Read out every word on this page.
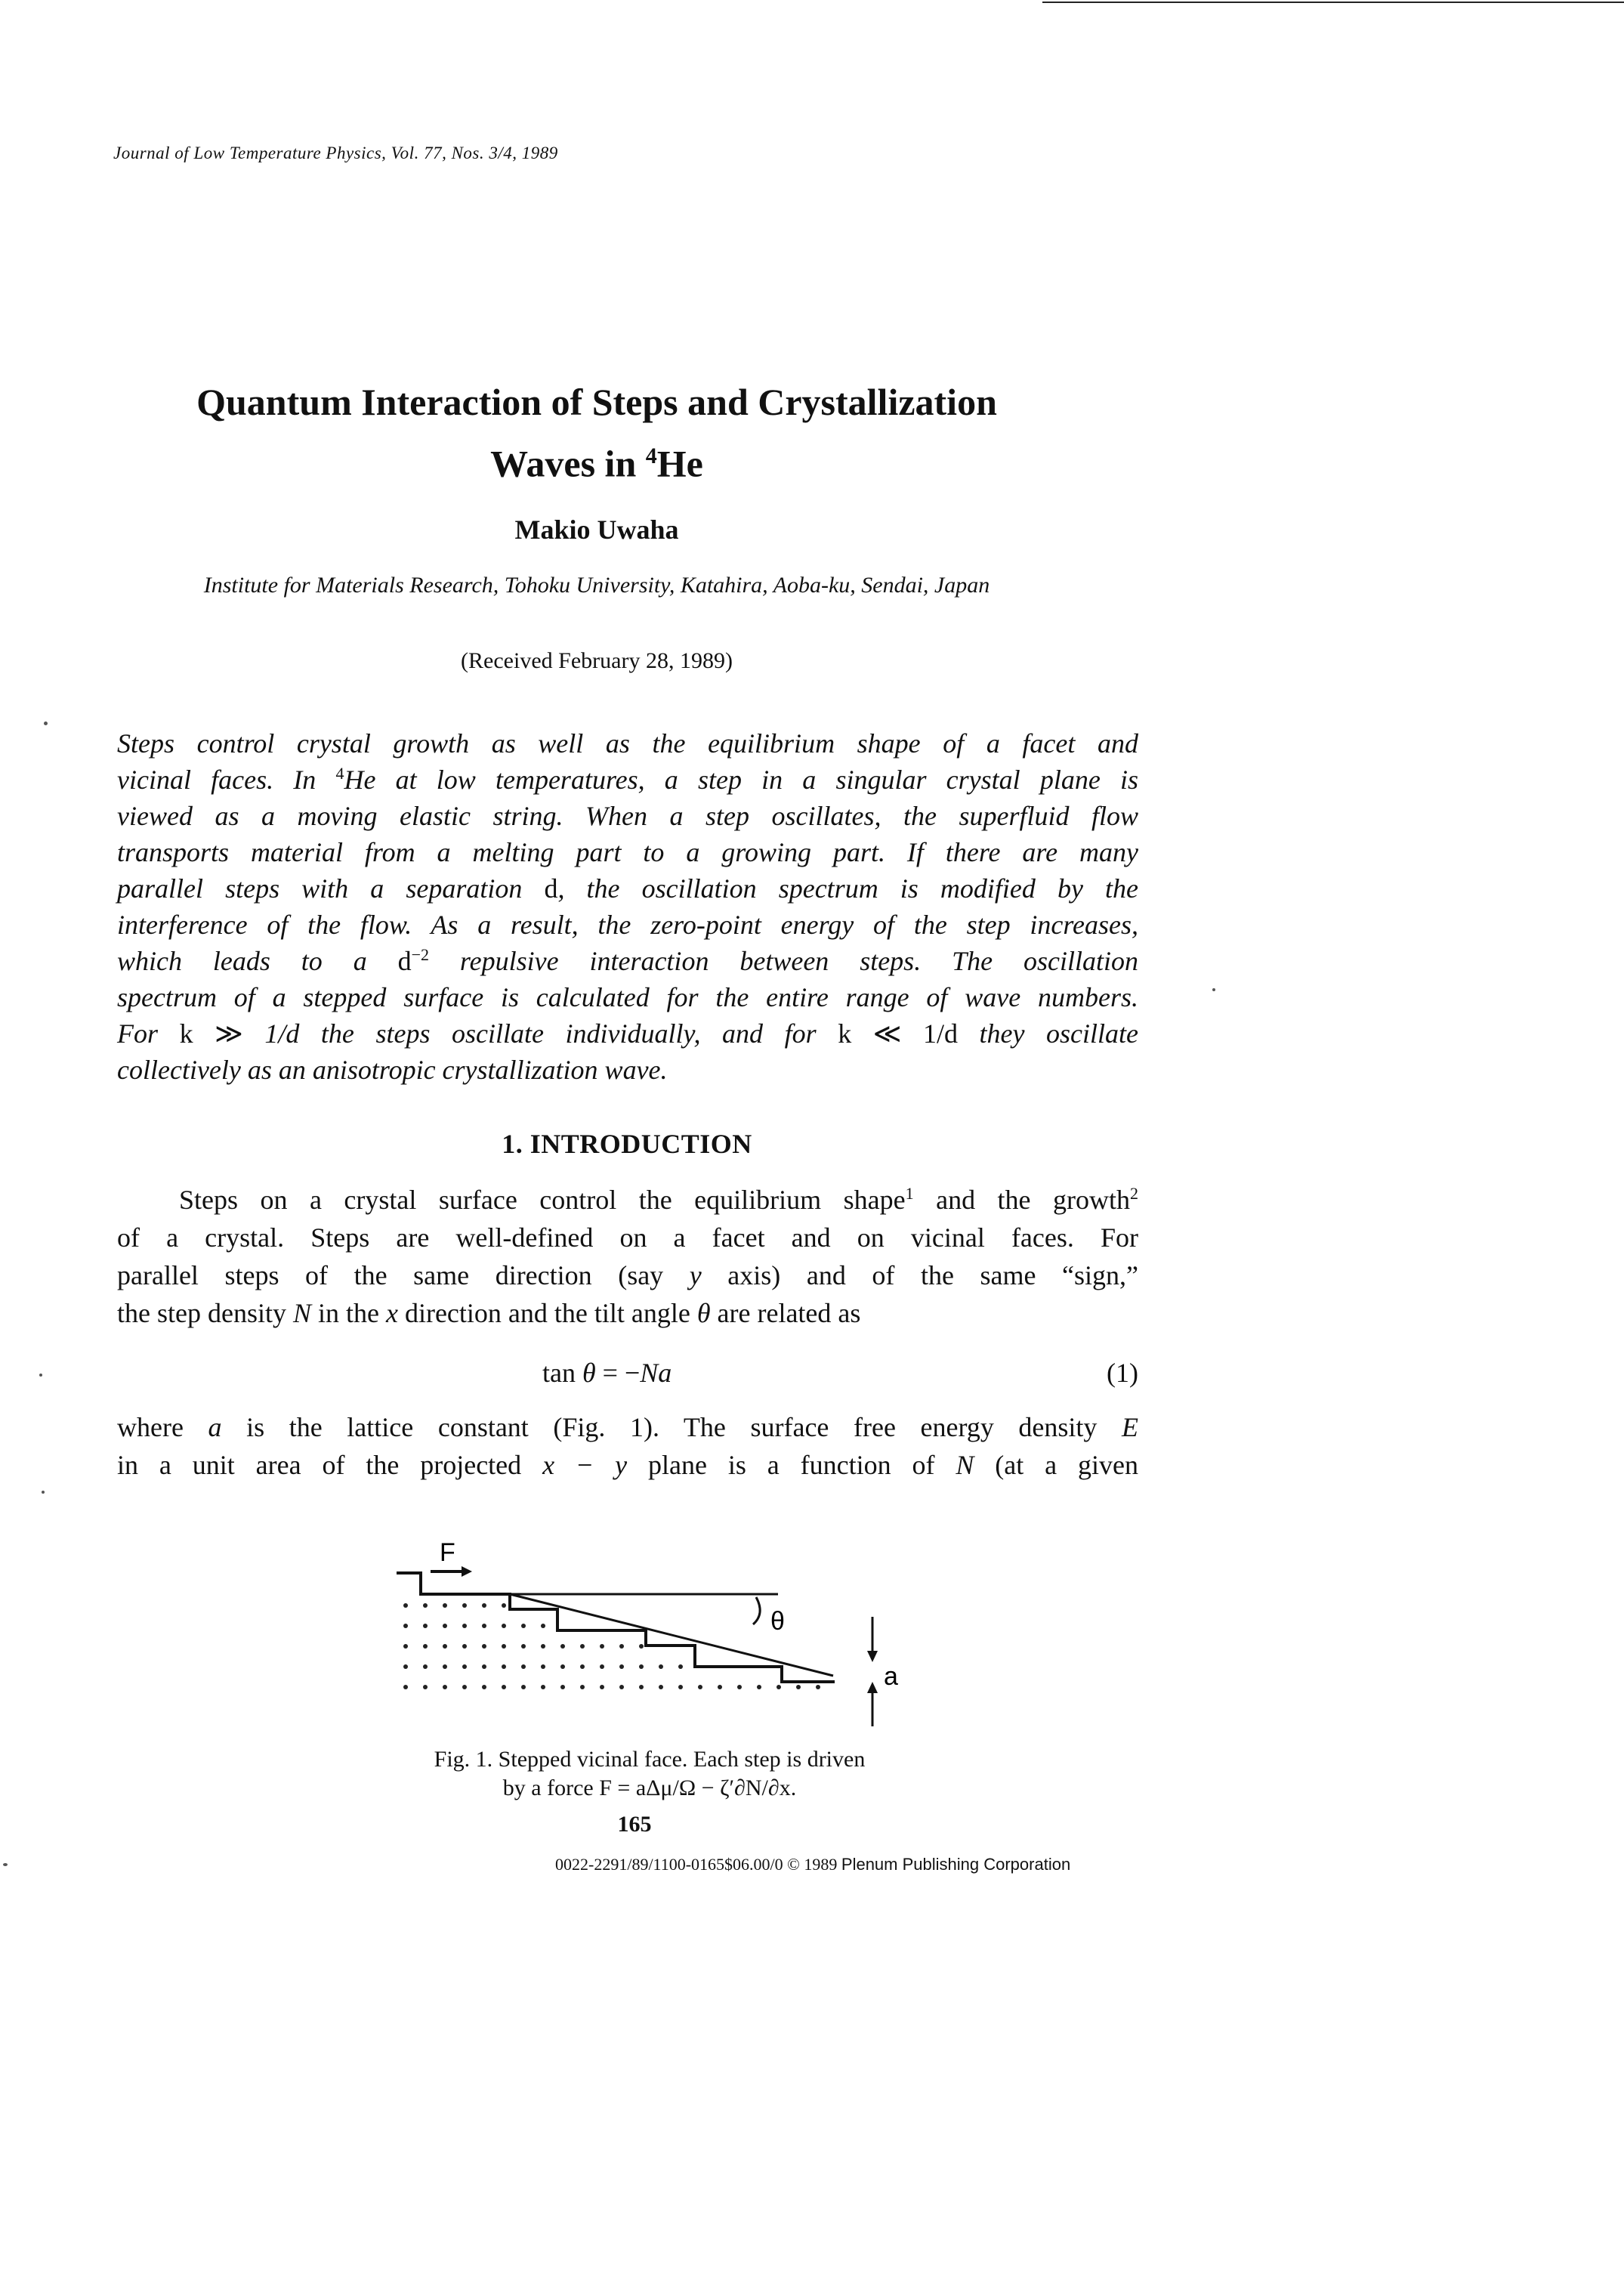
Journal of Low Temperature Physics, Vol. 77, Nos. 3/4, 1989
Quantum Interaction of Steps and Crystallization
Waves in $^4$He
Makio Uwaha
Institute for Materials Research, Tohoku University, Katahira, Aoba-ku, Sendai, Japan
(Received February 28, 1989)
Steps control crystal growth as well as the equilibrium shape of a facet and
vicinal faces. In $^4$He at low temperatures, a step in a singular crystal plane is
viewed as a moving elastic string. When a step oscillates, the superfluid flow
transports material from a melting part to a growing part. If there are many
parallel steps with a separation d, the oscillation spectrum is modified by the
interference of the flow. As a result, the zero-point energy of the step increases,
which leads to a $d^{-2}$ repulsive interaction between steps. The oscillation
spectrum of a stepped surface is calculated for the entire range of wave numbers.
For k ≫ 1/d the steps oscillate individually, and for k ≪ 1/d they oscillate
collectively as an anisotropic crystallization wave.
1. INTRODUCTION
Steps on a crystal surface control the equilibrium shape$^1$ and the growth$^2$
of a crystal. Steps are well-defined on a facet and on vicinal faces. For
parallel steps of the same direction (say y axis) and of the same “sign,”
the step density N in the x direction and the tilt angle θ are related as
tan θ = −Na	(1)
where a is the lattice constant (Fig. 1). The surface free energy density E
in a unit area of the projected x − y plane is a function of N (at a given
F
θ
a
Fig. 1. Stepped vicinal face. Each step is driven
by a force F = aΔμ/Ω − ζ′∂N/∂x.
165
0022-2291/89/1100-0165$06.00/0 © 1989 Plenum Publishing Corporation
